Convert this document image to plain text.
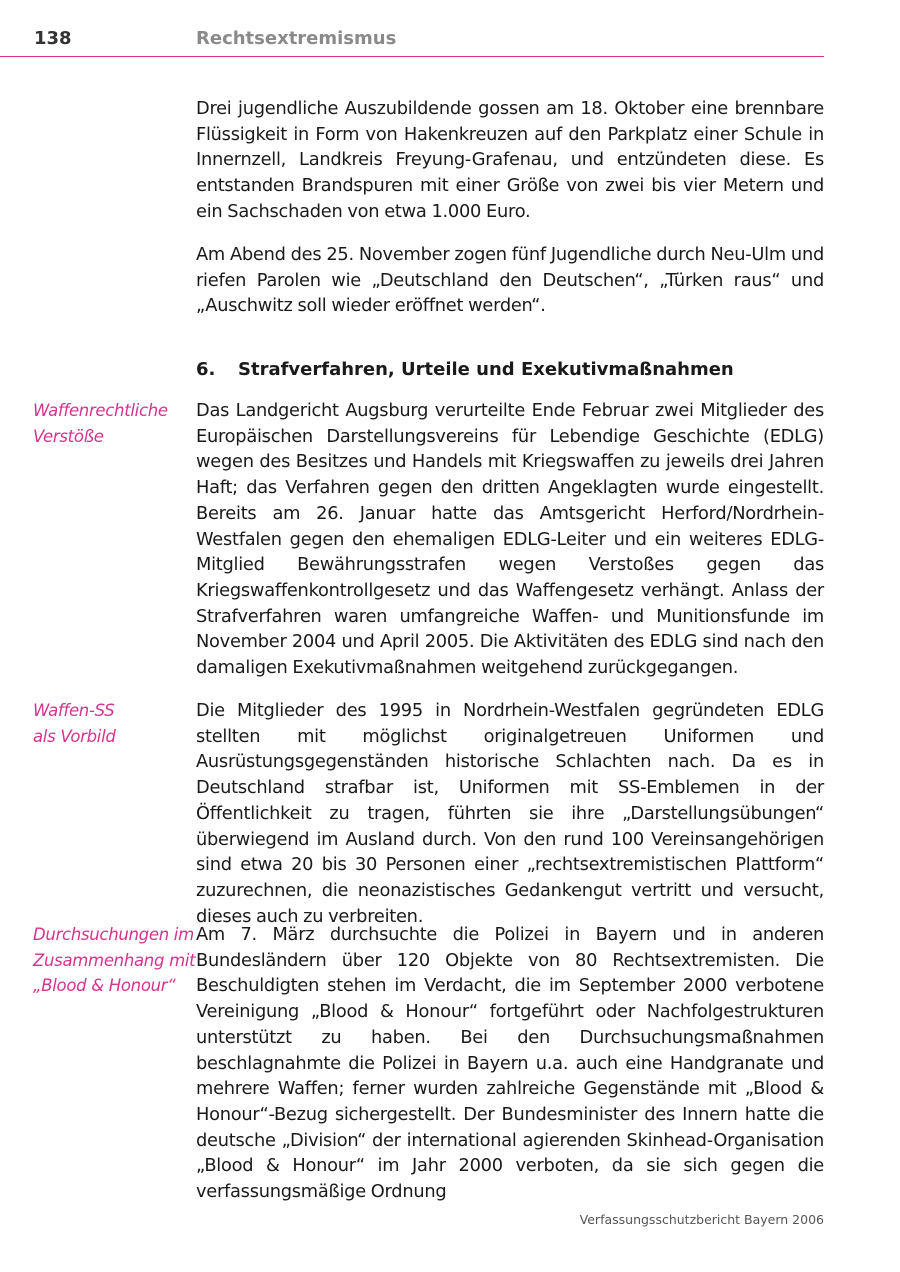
138	Rechtsextremismus

Drei jugendliche Auszubildende gossen am 18. Oktober eine brennbare Flüssigkeit in Form von Hakenkreuzen auf den Parkplatz einer Schule in Innernzell, Landkreis Freyung-Grafenau, und entzündeten diese. Es entstanden Brandspuren mit einer Größe von zwei bis vier Metern und ein Sachschaden von etwa 1.000 Euro.

Am Abend des 25. November zogen fünf Jugendliche durch Neu-Ulm und riefen Parolen wie „Deutschland den Deutschen“, „Türken raus“ und „Auschwitz soll wieder eröffnet werden“.

6. Strafverfahren, Urteile und Exekutivmaßnahmen
Waffenrechtliche
Verstöße

Das Landgericht Augsburg verurteilte Ende Februar zwei Mitglieder des Europäischen Darstellungsvereins für Lebendige Geschichte (EDLG) wegen des Besitzes und Handels mit Kriegswaffen zu jeweils drei Jahren Haft; das Verfahren gegen den dritten Angeklagten wurde eingestellt. Bereits am 26. Januar hatte das Amtsgericht Herford/Nordrhein-Westfalen gegen den ehemaligen EDLG-Leiter und ein weiteres EDLG-Mitglied Bewährungsstrafen wegen Verstoßes gegen das Kriegswaffenkontrollgesetz und das Waffengesetz verhängt. Anlass der Strafverfahren waren umfangreiche Waffen- und Munitionsfunde im November 2004 und April 2005. Die Aktivitäten des EDLG sind nach den damaligen Exekutivmaßnahmen weitgehend zurückgegangen.

Waffen-SS
als Vorbild

Die Mitglieder des 1995 in Nordrhein-Westfalen gegründeten EDLG stellten mit möglichst originalgetreuen Uniformen und Ausrüstungsgegenständen historische Schlachten nach. Da es in Deutschland strafbar ist, Uniformen mit SS-Emblemen in der Öffentlichkeit zu tragen, führten sie ihre „Darstellungsübungen“ überwiegend im Ausland durch. Von den rund 100 Vereinsangehörigen sind etwa 20 bis 30 Personen einer „rechtsextremistischen Plattform“ zuzurechnen, die neonazistisches Gedankengut vertritt und versucht, dieses auch zu verbreiten.

Durchsuchungen im
Zusammenhang mit
„Blood & Honour“

Am 7. März durchsuchte die Polizei in Bayern und in anderen Bundesländern über 120 Objekte von 80 Rechtsextremisten. Die Beschuldigten stehen im Verdacht, die im September 2000 verbotene Vereinigung „Blood & Honour“ fortgeführt oder Nachfolgestrukturen unterstützt zu haben. Bei den Durchsuchungsmaßnahmen beschlagnahmte die Polizei in Bayern u.a. auch eine Handgranate und mehrere Waffen; ferner wurden zahlreiche Gegenstände mit „Blood & Honour“-Bezug sichergestellt. Der Bundesminister des Innern hatte die deutsche „Division“ der international agierenden Skinhead-Organisation „Blood & Honour“ im Jahr 2000 verboten, da sie sich gegen die verfassungsmäßige Ordnung

Verfassungsschutzbericht Bayern 2006
